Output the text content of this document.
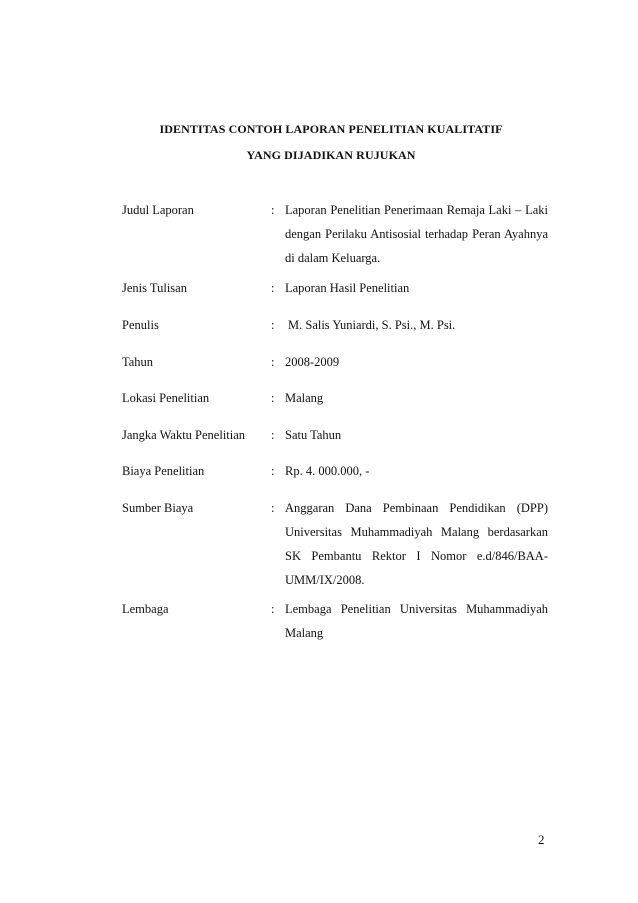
IDENTITAS CONTOH LAPORAN PENELITIAN KUALITATIF
YANG DIJADIKAN RUJUKAN
Judul Laporan	: Laporan Penelitian Penerimaan Remaja Laki – Laki dengan Perilaku Antisosial terhadap Peran Ayahnya di dalam Keluarga.
Jenis Tulisan	: Laporan Hasil Penelitian
Penulis	:	M. Salis Yuniardi, S. Psi., M. Psi.
Tahun	: 2008-2009
Lokasi Penelitian	: Malang
Jangka Waktu Penelitian	: Satu Tahun
Biaya Penelitian	: Rp. 4. 000.000, -
Sumber Biaya	: Anggaran Dana Pembinaan Pendidikan (DPP) Universitas Muhammadiyah Malang berdasarkan SK Pembantu Rektor I Nomor e.d/846/BAA-UMM/IX/2008.
Lembaga	: Lembaga Penelitian Universitas Muhammadiyah Malang
2
